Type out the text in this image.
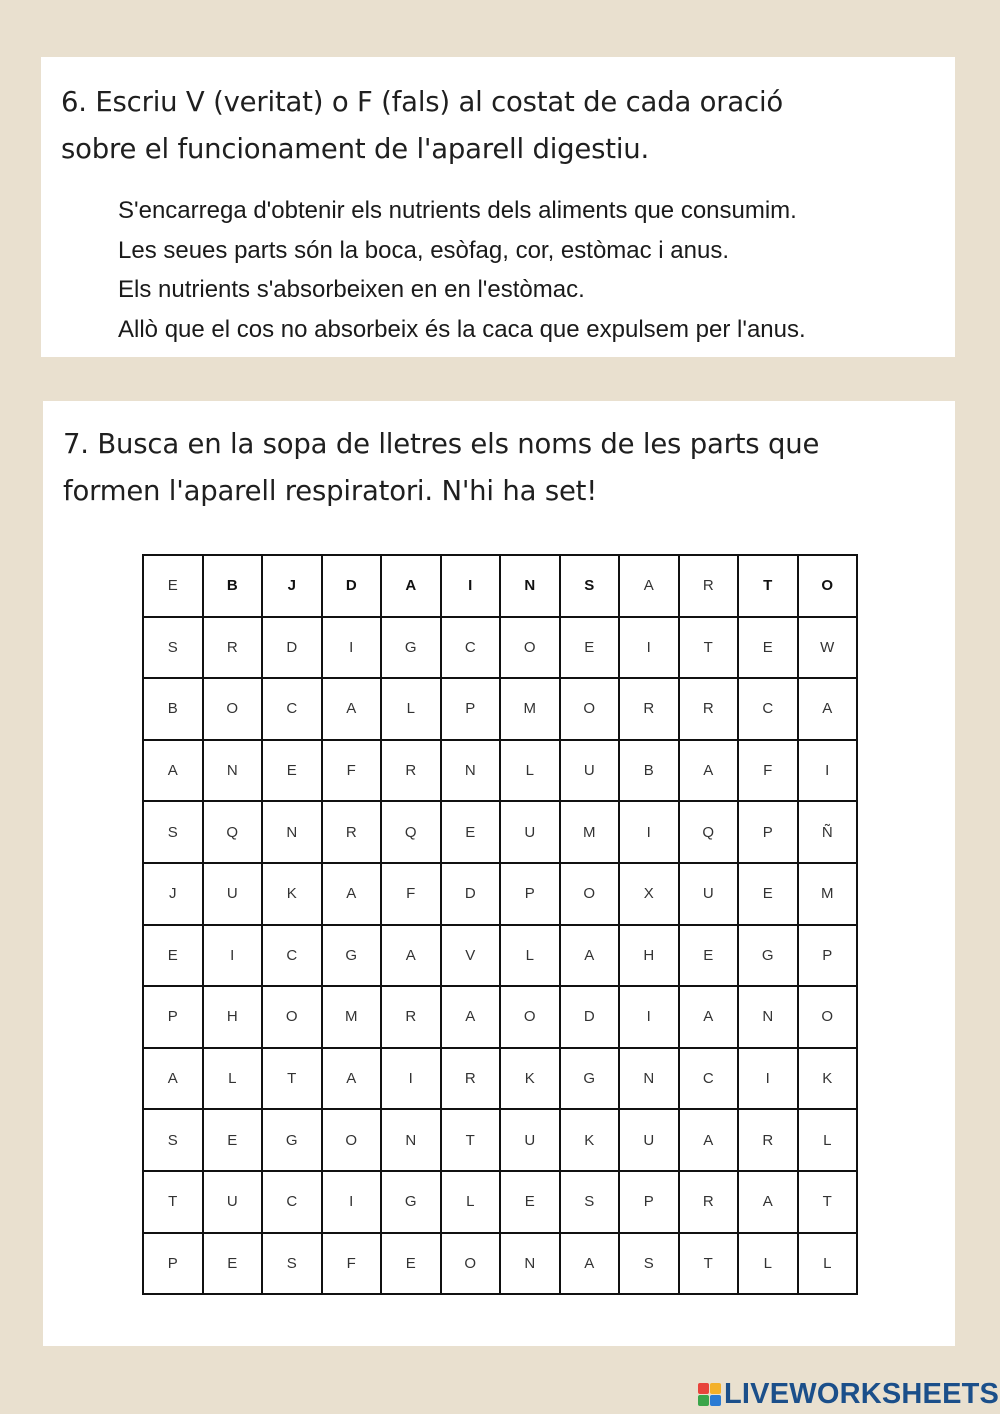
6. Escriu V (veritat) o F (fals) al costat de cada oració
sobre el funcionament de l'aparell digestiu.
S'encarrega d'obtenir els nutrients dels aliments que consumim.
Les seues parts són la boca, esòfag, cor, estòmac i anus.
Els nutrients s'absorbeixen en en l'estòmac.
Allò que el cos no absorbeix és la caca que expulsem per l'anus.
7. Busca en la sopa de lletres els noms de les parts que
formen l'aparell respiratori. N'hi ha set!
E	B	J	D	A	I	N	S	A	R	T	O
S	R	D	I	G	C	O	E	I	T	E	W
B	O	C	A	L	P	M	O	R	R	C	A
A	N	E	F	R	N	L	U	B	A	F	I
S	Q	N	R	Q	E	U	M	I	Q	P	Ñ
J	U	K	A	F	D	P	O	X	U	E	M
E	I	C	G	A	V	L	A	H	E	G	P
P	H	O	M	R	A	O	D	I	A	N	O
A	L	T	A	I	R	K	G	N	C	I	K
S	E	G	O	N	T	U	K	U	A	R	L
T	U	C	I	G	L	E	S	P	R	A	T
P	E	S	F	E	O	N	A	S	T	L	L
LIVEWORKSHEETS
